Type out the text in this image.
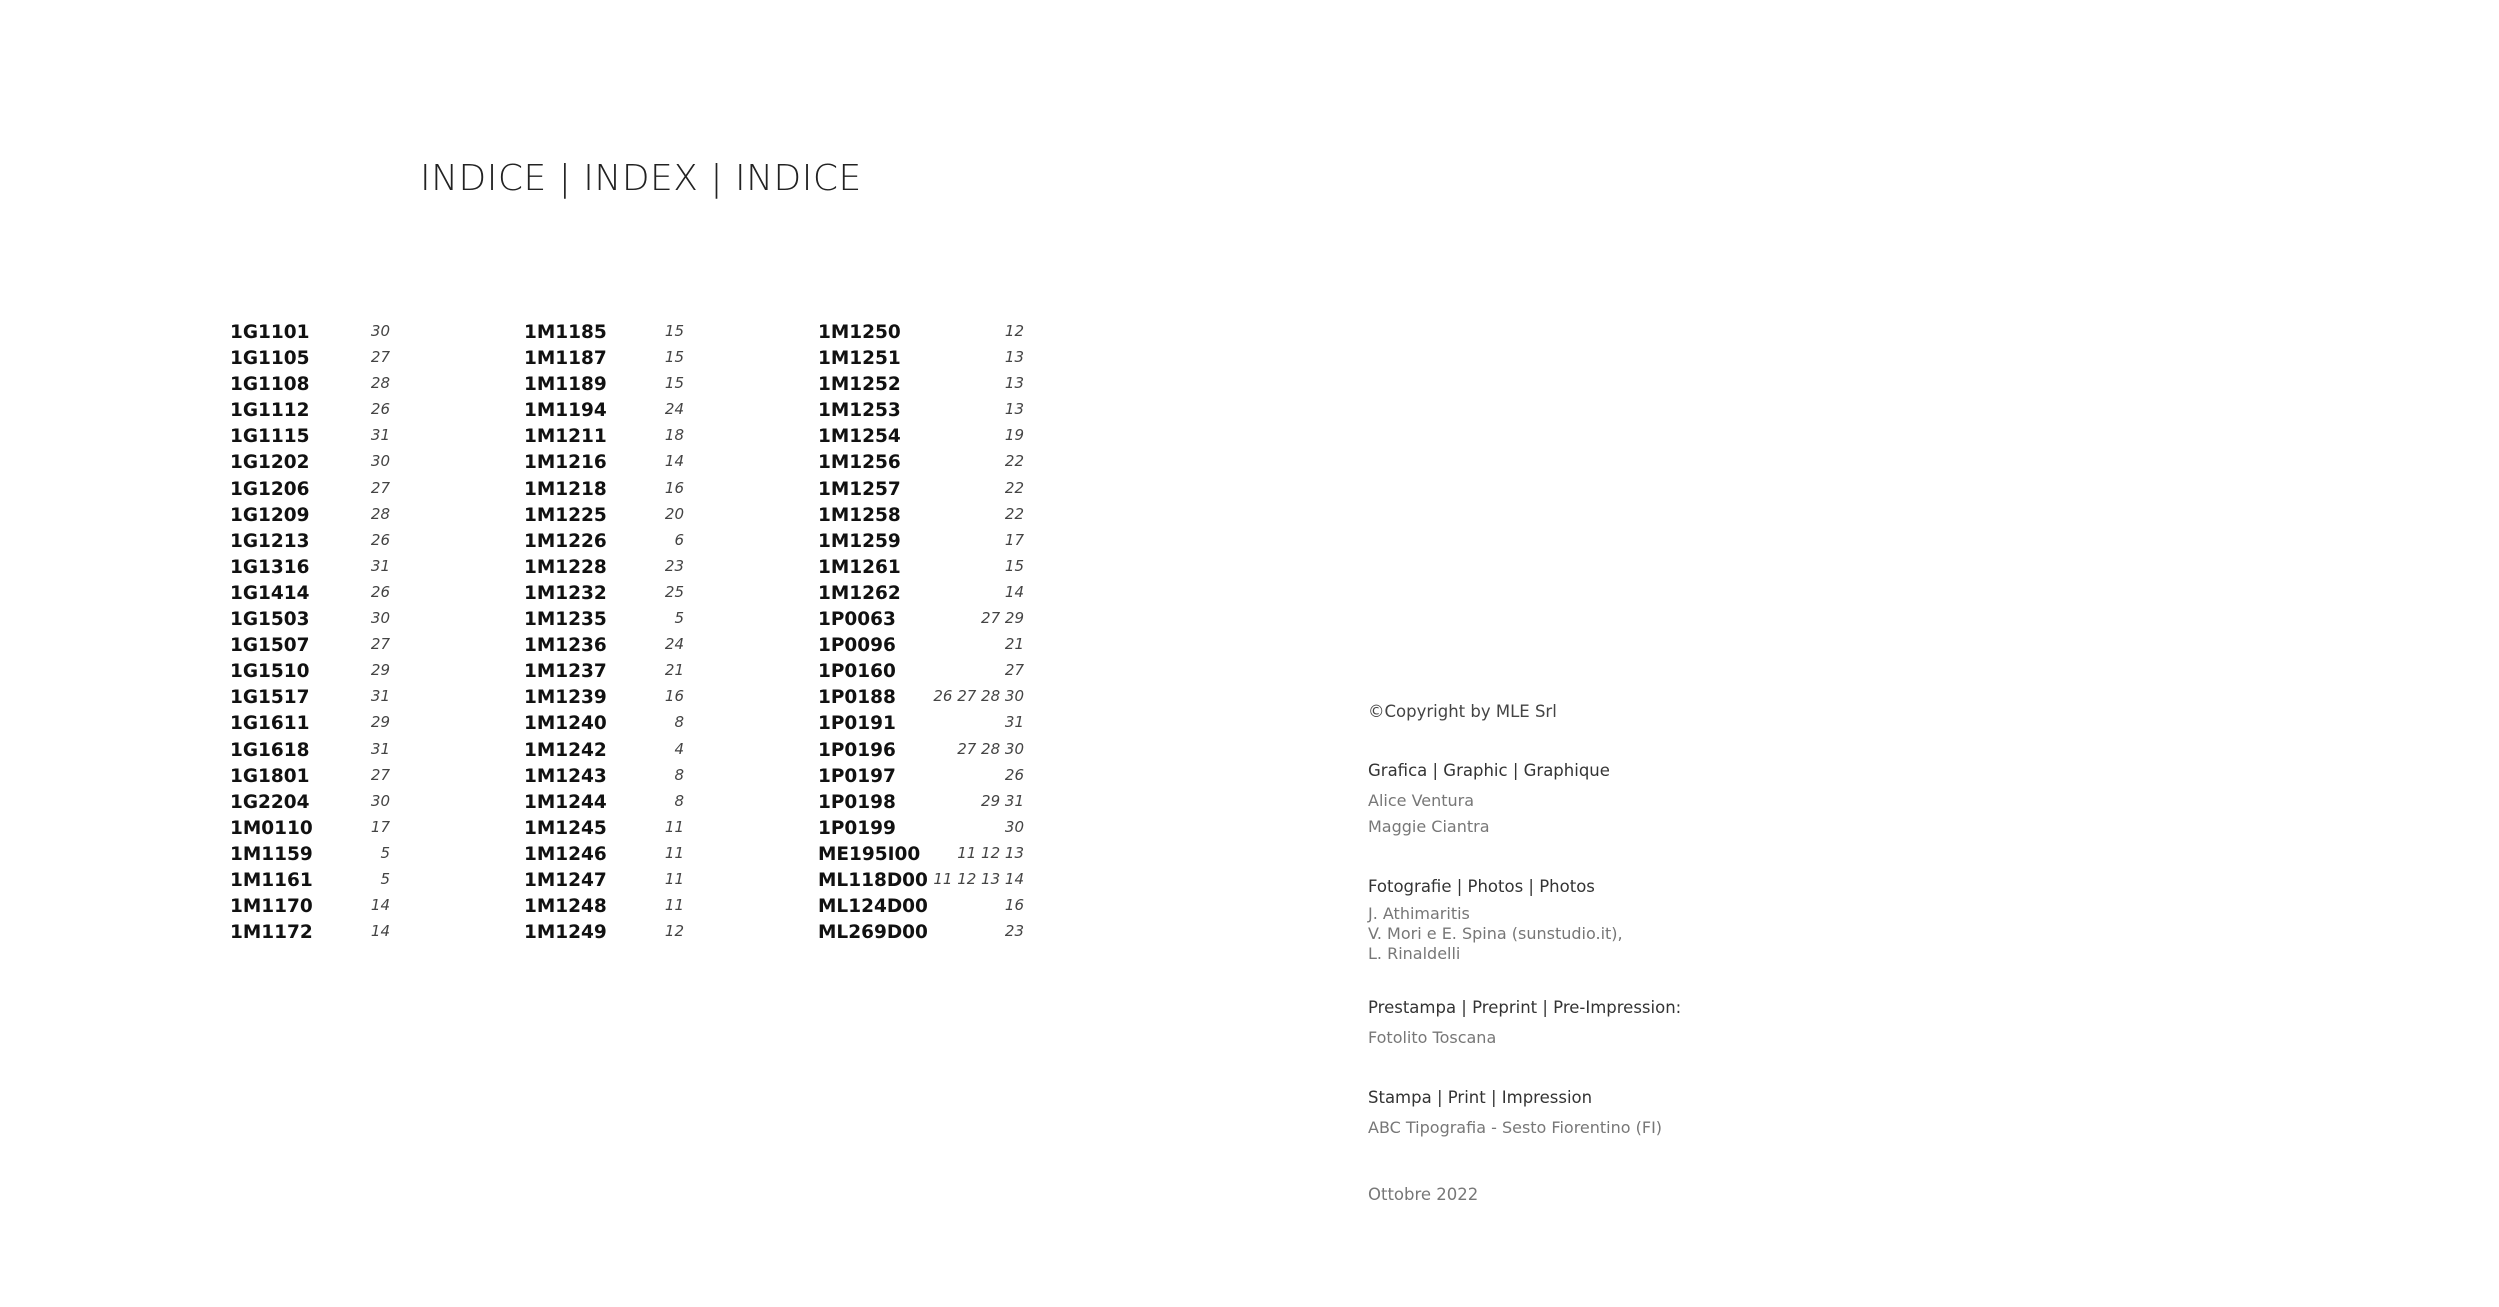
INDICE | INDEX | INDICE
1G1101	30
1G1105	27
1G1108	28
1G1112	26
1G1115	31
1G1202	30
1G1206	27
1G1209	28
1G1213	26
1G1316	31
1G1414	26
1G1503	30
1G1507	27
1G1510	29
1G1517	31
1G1611	29
1G1618	31
1G1801	27
1G2204	30
1M0110	17
1M1159	5
1M1161	5
1M1170	14
1M1172	14
1M1185	15
1M1187	15
1M1189	15
1M1194	24
1M1211	18
1M1216	14
1M1218	16
1M1225	20
1M1226	6
1M1228	23
1M1232	25
1M1235	5
1M1236	24
1M1237	21
1M1239	16
1M1240	8
1M1242	4
1M1243	8
1M1244	8
1M1245	11
1M1246	11
1M1247	11
1M1248	11
1M1249	12
1M1250	12
1M1251	13
1M1252	13
1M1253	13
1M1254	19
1M1256	22
1M1257	22
1M1258	22
1M1259	17
1M1261	15
1M1262	14
1P0063	27 29
1P0096	21
1P0160	27
1P0188 26 27 28 30
1P0191	31
1P0196	27 28 30
1P0197	26
1P0198	29 31
1P0199	30
ME195I00 11 12 13
ML118D00 11 12 13 14
ML124D00	16
ML269D00	23
©Copyright by MLE Srl
Grafica | Graphic | Graphique
Alice Ventura
Maggie Ciantra
Fotografie | Photos | Photos
J. Athimaritis
V. Mori e E. Spina (sunstudio.it),
L. Rinaldelli
Prestampa | Preprint | Pre-Impression:
Fotolito Toscana
Stampa | Print | Impression
ABC Tipografia - Sesto Fiorentino (FI)
Ottobre 2022
